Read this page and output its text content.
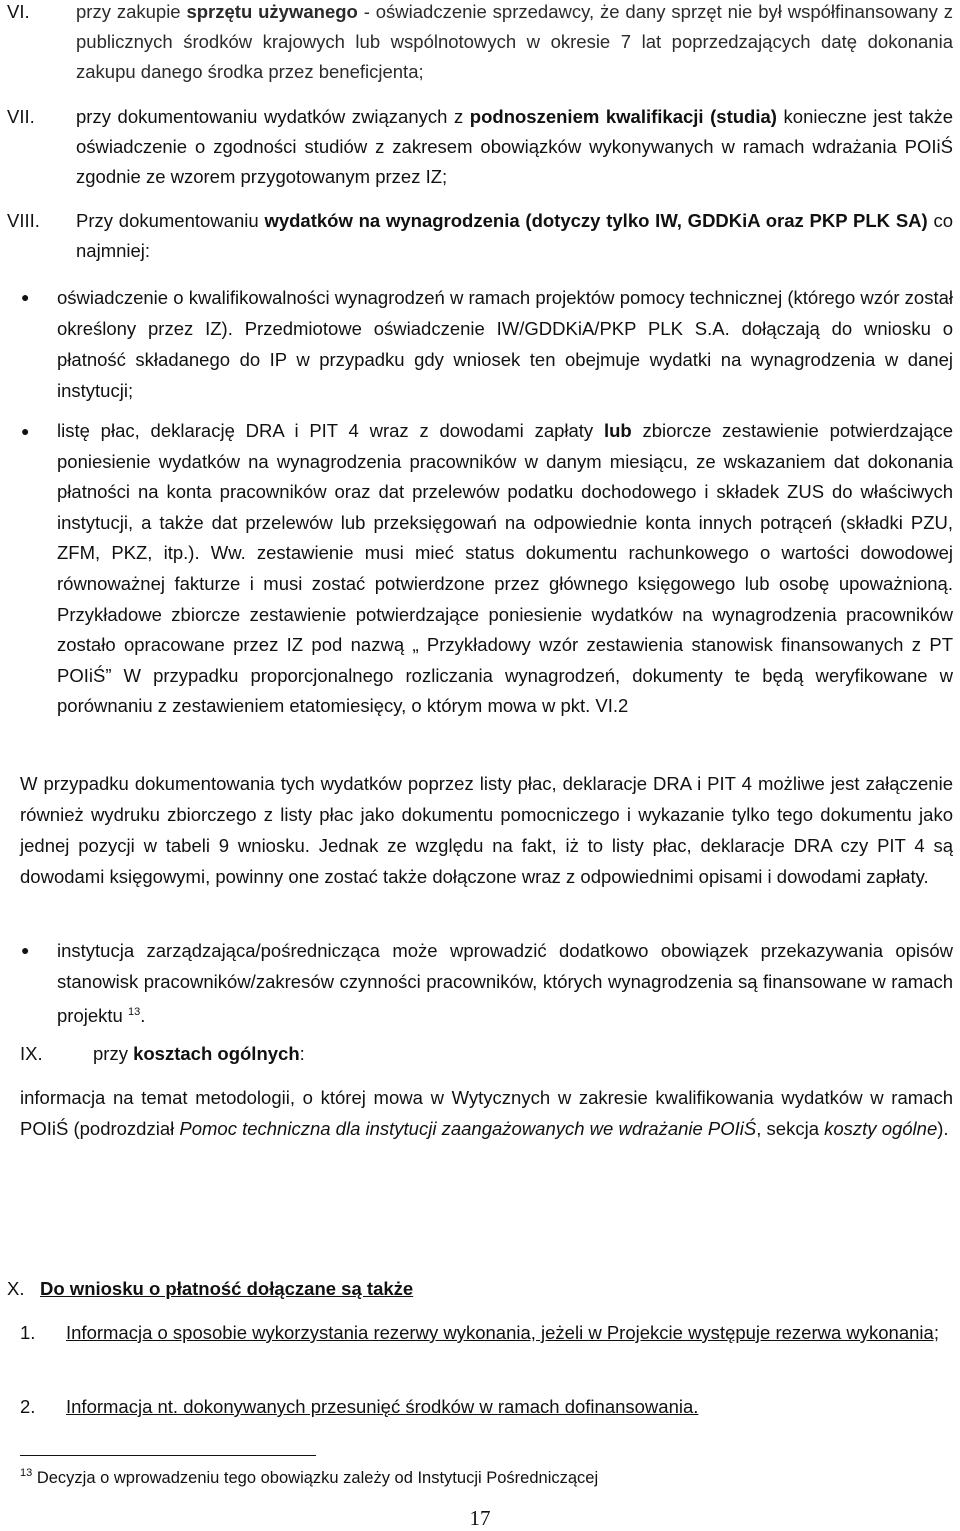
VI.	przy zakupie sprzętu używanego - oświadczenie sprzedawcy, że dany sprzęt nie był współfinansowany z publicznych środków krajowych lub wspólnotowych w okresie 7 lat poprzedzających datę dokonania zakupu danego środka przez beneficjenta;
VII. przy dokumentowaniu wydatków związanych z podnoszeniem kwalifikacji (studia) konieczne jest także oświadczenie o zgodności studiów z zakresem obowiązków wykonywanych w ramach wdrażania POIiŚ zgodnie ze wzorem przygotowanym przez IZ;
VIII. Przy dokumentowaniu wydatków na wynagrodzenia (dotyczy tylko IW, GDDKiA oraz PKP PLK SA) co najmniej:
● oświadczenie o kwalifikowalności wynagrodzeń w ramach projektów pomocy technicznej (którego wzór został określony przez IZ). Przedmiotowe oświadczenie IW/GDDKiA/PKP PLK S.A. dołączają do wniosku o płatność składanego do IP w przypadku gdy wniosek ten obejmuje wydatki na wynagrodzenia w danej instytucji;
● listę płac, deklarację DRA i PIT 4 wraz z dowodami zapłaty lub zbiorcze zestawienie potwierdzające poniesienie wydatków na wynagrodzenia pracowników w danym miesiącu, ze wskazaniem dat dokonania płatności na konta pracowników oraz dat przelewów podatku dochodowego i składek ZUS do właściwych instytucji, a także dat przelewów lub przeksięgowań na odpowiednie konta innych potrąceń (składki PZU, ZFM, PKZ, itp.). Ww. zestawienie musi mieć status dokumentu rachunkowego o wartości dowodowej równoważnej fakturze i musi zostać potwierdzone przez głównego księgowego lub osobę upoważnioną. Przykładowe zbiorcze zestawienie potwierdzające poniesienie wydatków na wynagrodzenia pracowników zostało opracowane przez IZ pod nazwą „ Przykładowy wzór zestawienia stanowisk finansowanych z PT POIiŚ” W przypadku proporcjonalnego rozliczania wynagrodzeń, dokumenty te będą weryfikowane w porównaniu z zestawieniem etatomiesięcy, o którym mowa w pkt. VI.2
W przypadku dokumentowania tych wydatków poprzez listy płac, deklaracje DRA i PIT 4 możliwe jest załączenie również wydruku zbiorczego z listy płac jako dokumentu pomocniczego i wykazanie tylko tego dokumentu jako jednej pozycji w tabeli 9 wniosku. Jednak ze względu na fakt, iż to listy płac, deklaracje DRA czy PIT 4 są dowodami księgowymi, powinny one zostać także dołączone wraz z odpowiednimi opisami i dowodami zapłaty.
● instytucja zarządzająca/pośrednicząca może wprowadzić dodatkowo obowiązek przekazywania opisów stanowisk pracowników/zakresów czynności pracowników, których wynagrodzenia są finansowane w ramach projektu $^{13}$.
IX.	przy kosztach ogólnych:
informacja na temat metodologii, o której mowa w Wytycznych w zakresie kwalifikowania wydatków w ramach POIiŚ (podrozdział Pomoc techniczna dla instytucji zaangażowanych we wdrażanie POIiŚ, sekcja koszty ogólne).
X. Do wniosku o płatność dołączane są także
1. Informacja o sposobie wykorzystania rezerwy wykonania, jeżeli w Projekcie występuje rezerwa wykonania;
2. Informacja nt. dokonywanych przesunięć środków w ramach dofinansowania.
$^{13}$ Decyzja o wprowadzeniu tego obowiązku zależy od Instytucji Pośredniczącej
17
